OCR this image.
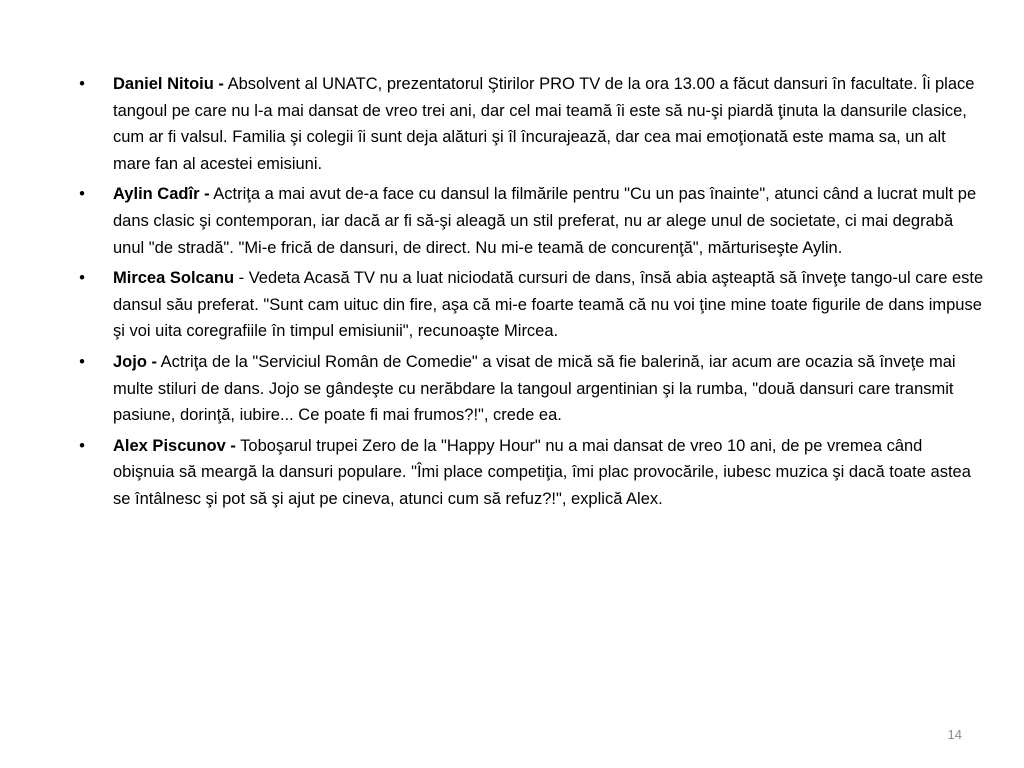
• Daniel Nitoiu - Absolvent al UNATC, prezentatorul Ştirilor PRO TV de la ora 13.00 a făcut dansuri în facultate. Îi place tangoul pe care nu l-a mai dansat de vreo trei ani, dar cel mai teamă îi este să nu-şi piardă ţinuta la dansurile clasice, cum ar fi valsul. Familia şi colegii îi sunt deja alături şi îl încurajează, dar cea mai emoţionată este mama sa, un alt mare fan al acestei emisiuni.
• Aylin Cadîr - Actriţa a mai avut de-a face cu dansul la filmările pentru "Cu un pas înainte", atunci când a lucrat mult pe dans clasic şi contemporan, iar dacă ar fi să-şi aleagă un stil preferat, nu ar alege unul de societate, ci mai degrabă unul "de stradă". "Mi-e frică de dansuri, de direct. Nu mi-e teamă de concurenţă", mărturiseşte Aylin.
• Mircea Solcanu - Vedeta Acasă TV nu a luat niciodată cursuri de dans, însă abia aşteaptă să înveţe tango-ul care este dansul său preferat. "Sunt cam uituc din fire, aşa că mi-e foarte teamă că nu voi ţine mine toate figurile de dans impuse şi voi uita coregrafiile în timpul emisiunii", recunoaşte Mircea.
• Jojo - Actriţa de la "Serviciul Român de Comedie" a visat de mică să fie balerină, iar acum are ocazia să înveţe mai multe stiluri de dans. Jojo se gândeşte cu nerăbdare la tangoul argentinian şi la rumba, "două dansuri care transmit pasiune, dorinţă, iubire... Ce poate fi mai frumos?!", crede ea.
• Alex Piscunov - Toboşarul trupei Zero de la "Happy Hour" nu a mai dansat de vreo 10 ani, de pe vremea când obişnuia să meargă la dansuri populare. "Îmi place competiţia, îmi plac provocările, iubesc muzica şi dacă toate astea se întâlnesc şi pot să şi ajut pe cineva, atunci cum să refuz?!", explică Alex.
14
